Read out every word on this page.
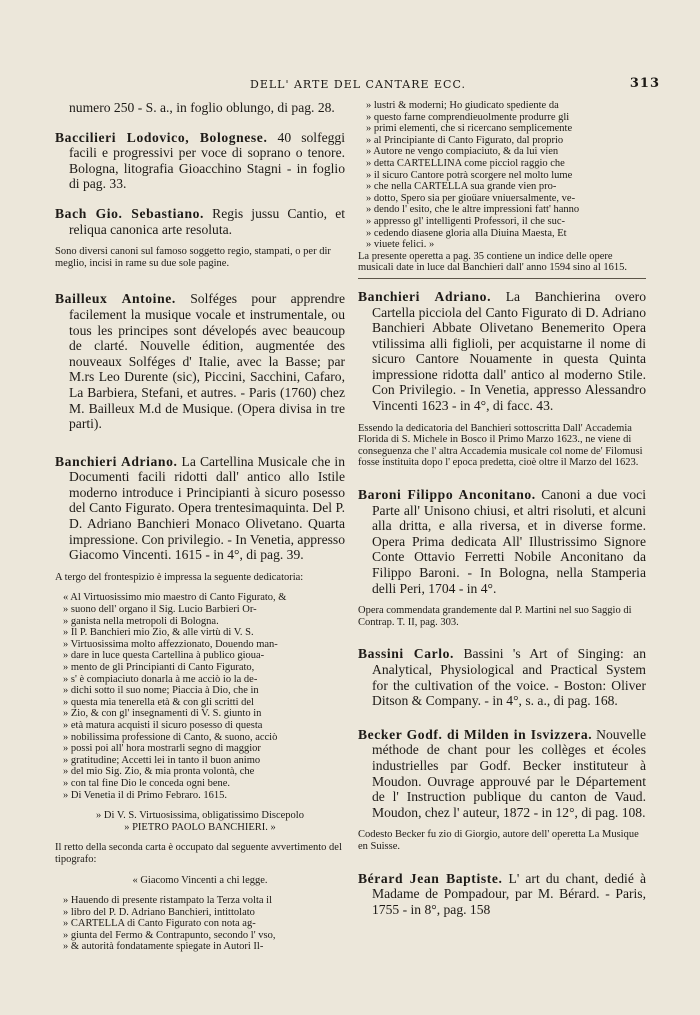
DELL' ARTE DEL CANTARE ECC.	313

numero 250 - S. a., in foglio oblungo, di pag. 28.

Baccilieri Lodovico, Bolognese. 40 solfeggi facili e progressivi per voce di soprano o tenore. Bologna, litografia Gioacchino Stagni - in foglio di pag. 33.

Bach Gio. Sebastiano. Regis jussu Cantio, et reliqua canonica arte resoluta.

Sono diversi canoni sul famoso soggetto regio, stampati, o per dir meglio, incisi in rame su due sole pagine.

Bailleux Antoine. Solféges pour apprendre facilement la musique vocale et instrumentale, ou tous les principes sont dévelopés avec beaucoup de clarté. Nouvelle édition, augmentée des nouveaux Solféges d' Italie, avec la Basse; par M.rs Leo Durente (sic), Piccini, Sacchini, Cafaro, La Barbiera, Stefani, et autres. - Paris (1760) chez M. Bailleux M.d de Musique. (Opera divisa in tre parti).

Banchieri Adriano. La Cartellina Musicale che in Documenti facili ridotti dall' antico allo Istile moderno introduce i Principianti à sicuro posesso del Canto Figurato. Opera trentesimaquinta. Del P. D. Adriano Banchieri Monaco Olivetano. Quarta impressione. Con privilegio. - In Venetia, appresso Giacomo Vincenti. 1615 - in 4°, di pag. 39.

A tergo del frontespizio è impressa la seguente dedicatoria:

« Al Virtuosissimo mio maestro di Canto Figurato, &
» suono dell' organo il Sig. Lucio Barbieri Or-
» ganista nella metropoli di Bologna.

» Il P. Banchieri mio Zio, & alle virtù di V. S.
» Virtuosissima molto affezzionato, Douendo man-
» dare in luce questa Cartellina à publico gioua-
» mento de gli Principianti di Canto Figurato,
» s' è compiaciuto donarla à me acciò io la de-
» dichi sotto il suo nome; Piaccia à Dio, che in
» questa mia tenerella età & con gli scritti del
» Zio, & con gl' insegnamenti di V. S. giunto in
» età matura acquisti il sicuro posesso di questa
» nobilissima professione di Canto, & suono, acciò
» possi poi all' hora mostrarli segno di maggior
» gratitudine; Accetti lei in tanto il buon animo
» del mio Sig. Zio, & mia pronta volontà, che
» con tal fine Dio le conceda ogni bene.
» Di Venetia il di Primo Febraro. 1615.

» Di V. S. Virtuosissima, obligatissimo Discepolo

» PIETRO PAOLO BANCHIERI. »

Il retto della seconda carta è occupato dal seguente avvertimento del tipografo:

« Giacomo Vincenti a chi legge.

» Hauendo di presente ristampato la Terza volta il
» libro del P. D. Adriano Banchieri, intittolato
» CARTELLA di Canto Figurato con nota ag-
» giunta del Fermo & Contrapunto, secondo l' vso,
» & autorità fondatamente spiegate in Autori Il-

» lustri & moderni; Ho giudicato spediente da
» questo farne comprendieuolmente produrre gli
» primi elementi, che si ricercano semplicemente
» al Principiante di Canto Figurato, dal proprio
» Autore ne vengo compiaciuto, & da lui vien
» detta CARTELLINA come picciol raggio che
» il sicuro Cantore potrà scorgere nel molto lume
» che nella CARTELLA sua grande vien pro-
» dotto, Spero sia per gioüare vniuersalmente, ve-
» dendo l' esito, che le altre impressioni fatt' hanno
» appresso gl' intelligenti Professori, il che suc-
» cedendo diasene gloria alla Diuina Maesta, Et
» viuete felici. »

La presente operetta a pag. 35 contiene un indice delle opere musicali date in luce dal Banchieri dall' anno 1594 sino al 1615.

Banchieri Adriano. La Banchierina overo Cartella picciola del Canto Figurato di D. Adriano Banchieri Abbate Olivetano Benemerito Opera vtilissima alli figlioli, per acquistarne il nome di sicuro Cantore Nouamente in questa Quinta impressione ridotta dall' antico al moderno Stile. Con Privilegio. - In Venetia, appresso Alessandro Vincenti 1623 - in 4°, di facc. 43.

Essendo la dedicatoria del Banchieri sottoscritta Dall' Accademia Florida di S. Michele in Bosco il Primo Marzo 1623., ne viene di conseguenza che l' altra Accademia musicale col nome de' Filomusi fosse instituita dopo l' epoca predetta, cioè oltre il Marzo del 1623.

Baroni Filippo Anconitano. Canoni a due voci Parte all' Unisono chiusi, et altri risoluti, et alcuni alla dritta, e alla riversa, et in diverse forme. Opera Prima dedicata All' Illustrissimo Signore Conte Ottavio Ferretti Nobile Anconitano da Filippo Baroni. - In Bologna, nella Stamperia delli Peri, 1704 - in 4°.

Opera commendata grandemente dal P. Martini nel suo Saggio di Contrap. T. II, pag. 303.

Bassini Carlo. Bassini 's Art of Singing: an Analytical, Physiological and Practical System for the cultivation of the voice. - Boston: Oliver Ditson & Company. - in 4°, s. a., di pag. 168.

Becker Godf. di Milden in Isvizzera. Nouvelle méthode de chant pour les collèges et écoles industrielles par Godf. Becker instituteur à Moudon. Ouvrage approuvé par le Département de l' Instruction publique du canton de Vaud. Moudon, chez l' auteur, 1872 - in 12°, di pag. 108.

Codesto Becker fu zio di Giorgio, autore dell' operetta La Musique en Suisse.

Bérard Jean Baptiste. L' art du chant, dedié à Madame de Pompadour, par M. Bérard. - Paris, 1755 - in 8°, pag. 158
